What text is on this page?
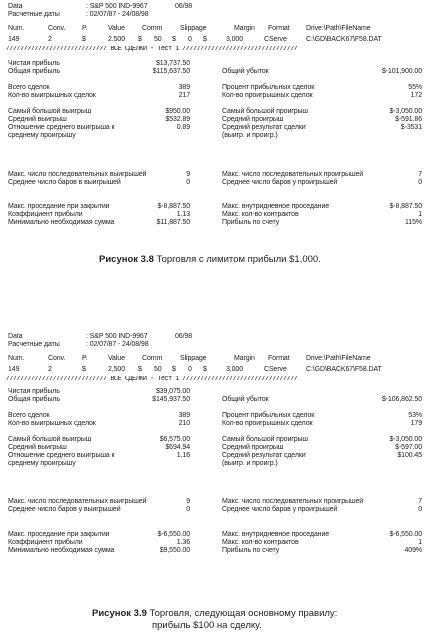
Data	: S&P 500 IND-9967	06/98
Расчетные даты	: 02/07/87 - 24/08/98
Num.	Conv. P.	Value Comm	Slippage	Margin Format Drive:\Path\FileName
149	2	$	2.500 $ 50 $ 0 $	3,000	CServe	C:\GD\BACK67\F58.DAT
//////////////////////////// ВСЕ СДЕЛКИ - Тест 1 ////////////////////////////////
Чистая прибыль	$13,737.50
Общая прибыль	$115,637.50	Общий убыток	$-101,900.00
Всего сделок	389	Процент прибыльных сделок	55%
Кол-во выигрышных сделок	217	Кол-во проигрышных сделок	172
Самый большой выигрыш	$950.00	Самый большой проигрыш	$-3,050.00
Средний выигрыш	$532.89	Средний проигрыш	$-591.86
Отношение среднего выигрыша к	0.89	Средний результат сделки	$-3531
среднему проигрышу	(выигр. и проигр.)
Макс. число последовательных выигрышей	9	Макс. число последовательных проигрышей	7
Среднее число баров в выигрышей	0	Среднее число баров у проигрышей	0
Макс. проседание при закрытии	$-8,887.50	Макс. внутридневное проседание	$-8,887.50
Коэффициент прибыли	1.13	Макс. кол-во контрактов	1
Минимально необходимая сумма	$11,887.50	Прибыль по счету	115%
Рисунок 3.8 Торговля с лимитом прибыли $1,000.
Data	: S&P 500 IND-9967	06/98
Расчетные даты	: 02/07/87 - 24/08/98
Num.	Conv. P.	Value Comm	Slippage	Margin Format Drive:\Path\FileName
149	2	$	2,500 $ 50 $ 0 $	3,000	CServe	C:\GD\BACK67\F58.DAT
//////////////////////////// ВСЕ СДЕЛКИ - Тест 1 ////////////////////////////////
Чистая прибыль	$39,075.00
Общая прибыль	$145,937.50	Общий убыток	$-106,862.50
Всего сделок	389	Процент прибыльных сделок	53%
Кол-во выигрышных сделок	210	Кол-во проигрышных сделок	179
Самый большой выигрыш	$6,575.00	Самый большой проигрыш	$-3,050.00
Средний выигрыш	$694.94	Средний проигрыш	$-597.00
Отношение среднего выигрыша к	1.16	Средний результат сделки	$100.45
среднему проигрышу	(выигр. и проигр.)
Макс. число последовательных выигрышей	9	Макс. число последовательных проигрышей	7
Среднее число баров у выигрышей	0	Среднее число баров у проигрышей	0
Макс. проседание при закрытии	$-6,550.00	Макс. внутридневное проседание	$-6,550.00
Коэффициент прибыли	1.36	Макс. кол-во контрактов	1
Минимально необходимая сумма	$9,550.00	Прибыль по счету	409%
Рисунок 3.9 Торговля, следующая основному правилу:
прибыль $100 на сделку.
